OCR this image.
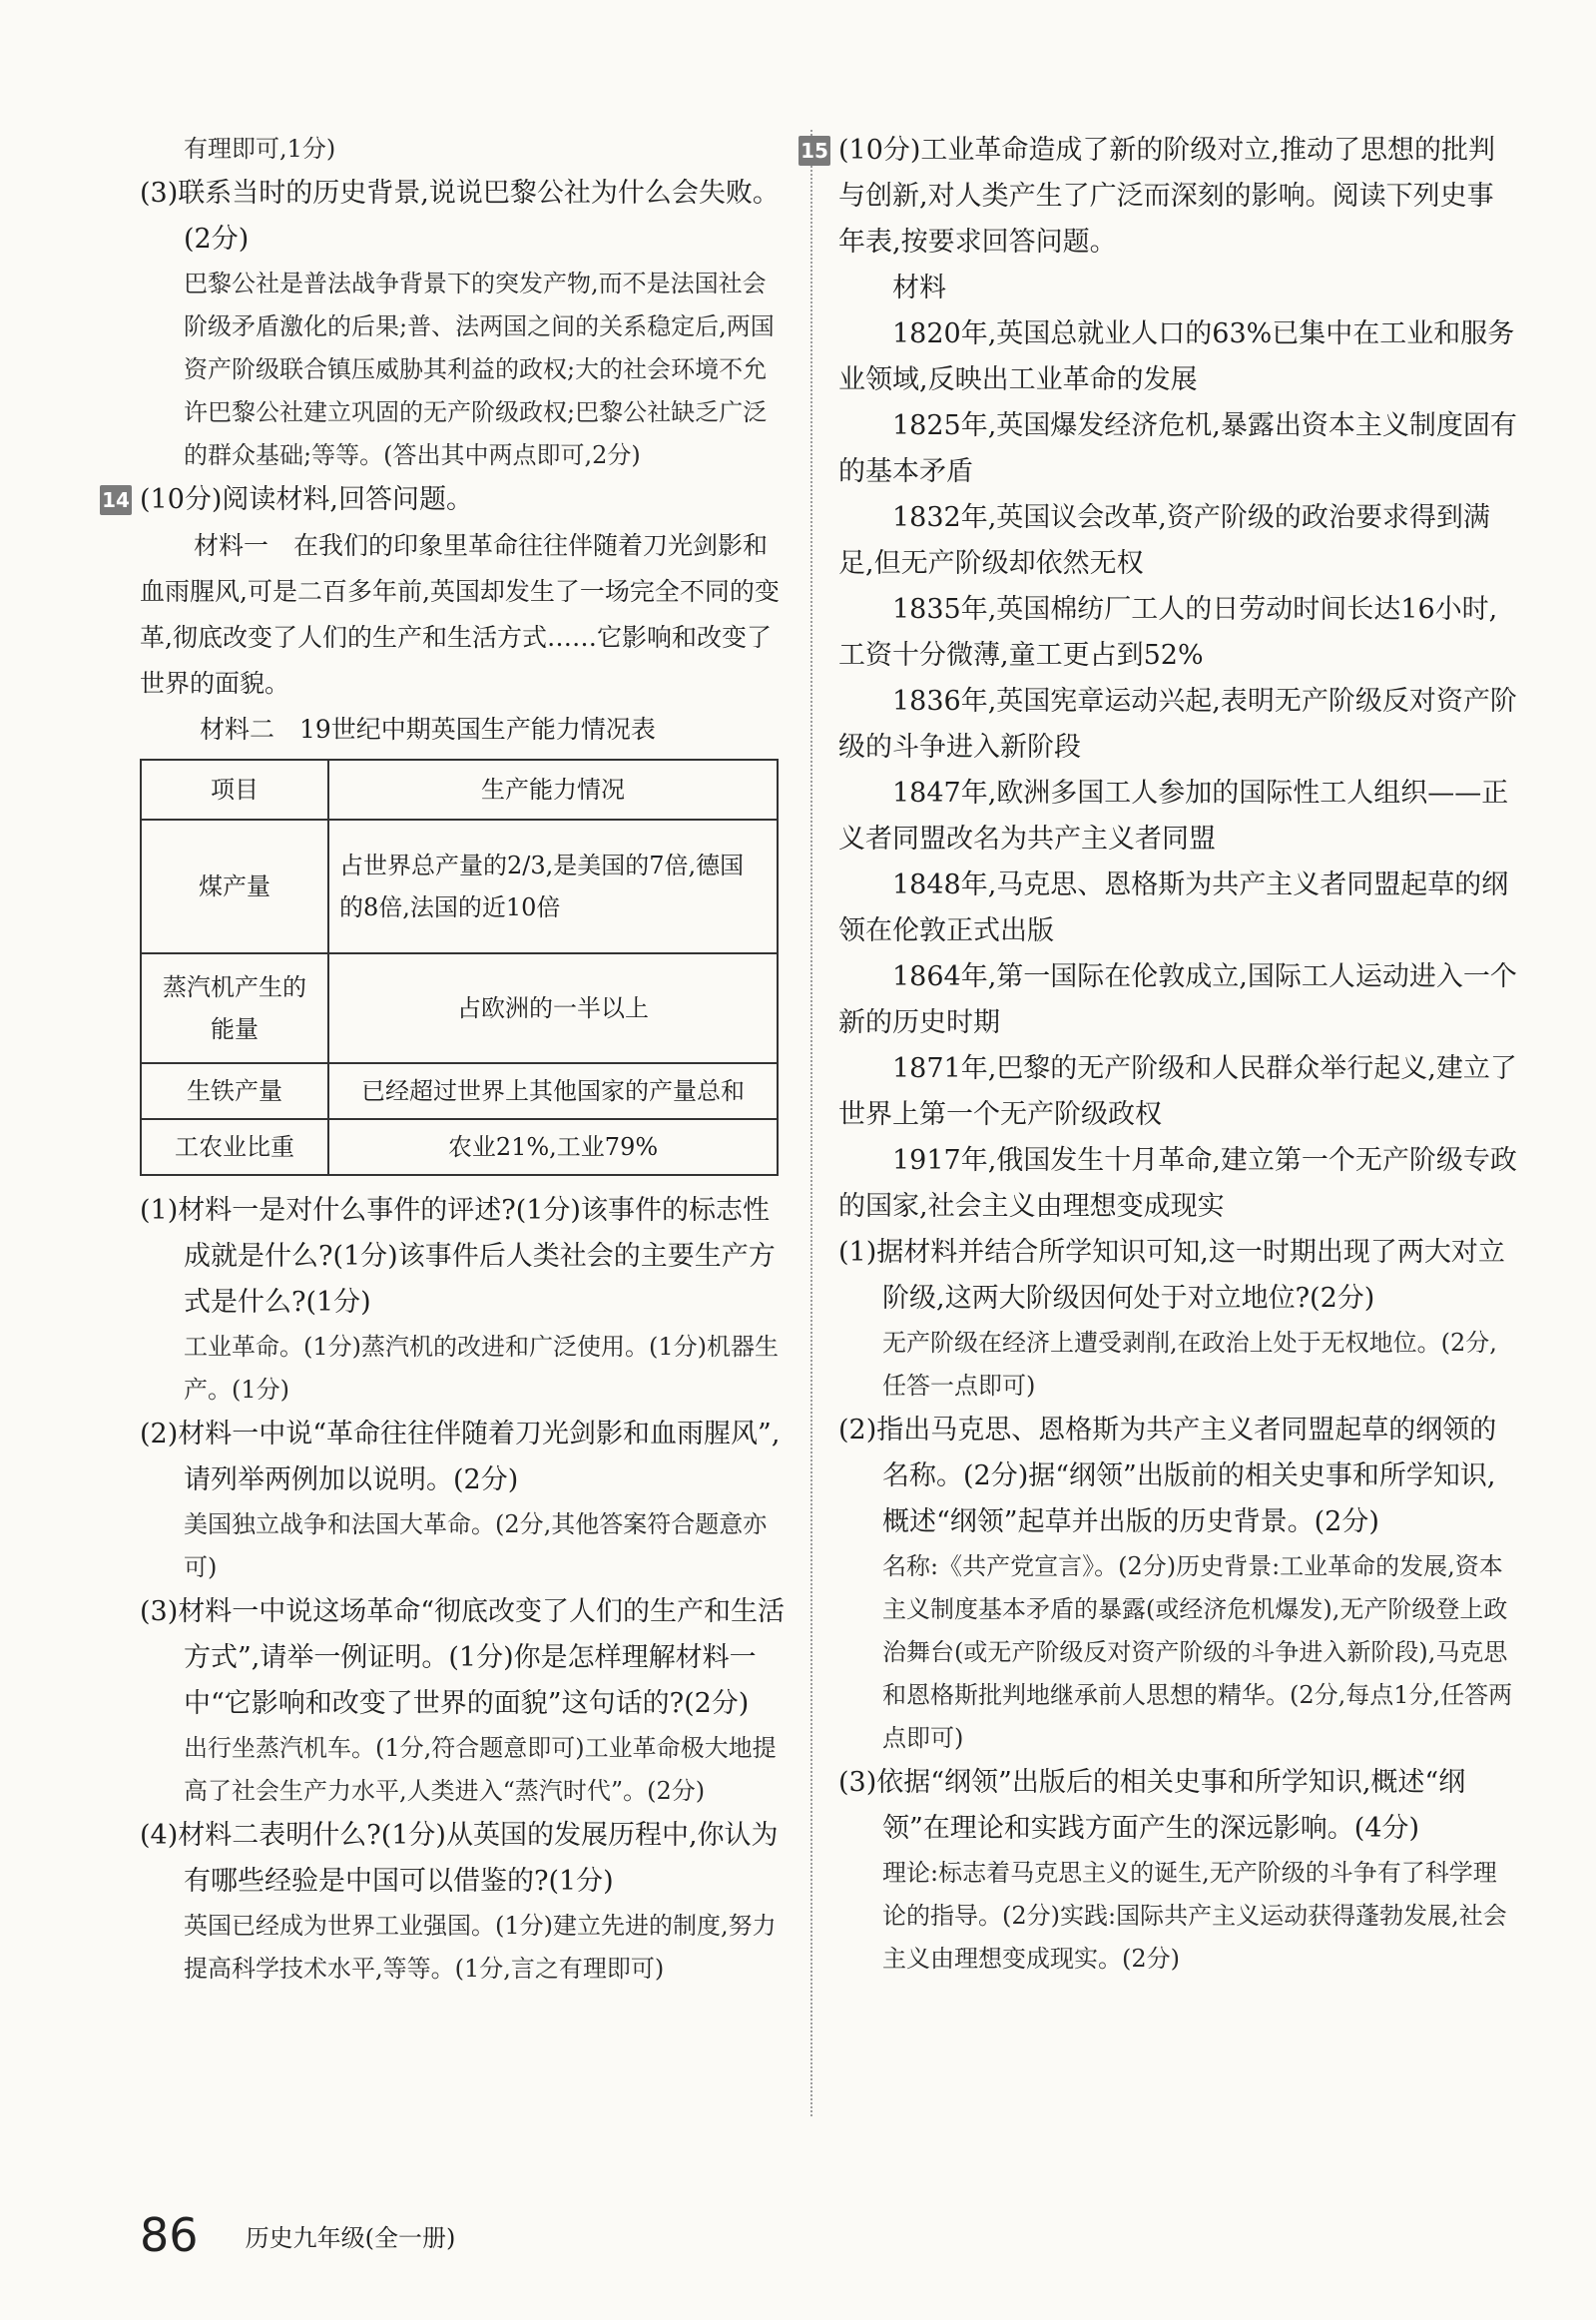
有理即可,1分)

(3)联系当时的历史背景,说说巴黎公社为什么会失败。(2分)

巴黎公社是普法战争背景下的突发产物,而不是法国社会阶级矛盾激化的后果;普、法两国之间的关系稳定后,两国资产阶级联合镇压威胁其利益的政权;大的社会环境不允许巴黎公社建立巩固的无产阶级政权;巴黎公社缺乏广泛的群众基础;等等。(答出其中两点即可,2分)

14 (10分)阅读材料,回答问题。

材料一　在我们的印象里革命往往伴随着刀光剑影和血雨腥风,可是二百多年前,英国却发生了一场完全不同的变革,彻底改变了人们的生产和生活方式……它影响和改变了世界的面貌。

材料二　19世纪中期英国生产能力情况表
项目	生产能力情况
煤产量	占世界总产量的2/3,是美国的7倍,德国的8倍,法国的近10倍
蒸汽机产生的能量	占欧洲的一半以上
生铁产量	已经超过世界上其他国家的产量总和
工农业比重	农业21%,工业79%

(1)材料一是对什么事件的评述?(1分)该事件的标志性成就是什么?(1分)该事件后人类社会的主要生产方式是什么?(1分)

工业革命。(1分)蒸汽机的改进和广泛使用。(1分)机器生产。(1分)

(2)材料一中说“革命往往伴随着刀光剑影和血雨腥风”,请列举两例加以说明。(2分)

美国独立战争和法国大革命。(2分,其他答案符合题意亦可)

(3)材料一中说这场革命“彻底改变了人们的生产和生活方式”,请举一例证明。(1分)你是怎样理解材料一中“它影响和改变了世界的面貌”这句话的?(2分)

出行坐蒸汽机车。(1分,符合题意即可)工业革命极大地提高了社会生产力水平,人类进入“蒸汽时代”。(2分)

(4)材料二表明什么?(1分)从英国的发展历程中,你认为有哪些经验是中国可以借鉴的?(1分)

英国已经成为世界工业强国。(1分)建立先进的制度,努力提高科学技术水平,等等。(1分,言之有理即可)

15 (10分)工业革命造成了新的阶级对立,推动了思想的批判与创新,对人类产生了广泛而深刻的影响。阅读下列史事年表,按要求回答问题。

材料

1820年,英国总就业人口的63%已集中在工业和服务业领域,反映出工业革命的发展

1825年,英国爆发经济危机,暴露出资本主义制度固有的基本矛盾

1832年,英国议会改革,资产阶级的政治要求得到满足,但无产阶级却依然无权

1835年,英国棉纺厂工人的日劳动时间长达16小时,工资十分微薄,童工更占到52%

1836年,英国宪章运动兴起,表明无产阶级反对资产阶级的斗争进入新阶段

1847年,欧洲多国工人参加的国际性工人组织——正义者同盟改名为共产主义者同盟

1848年,马克思、恩格斯为共产主义者同盟起草的纲领在伦敦正式出版

1864年,第一国际在伦敦成立,国际工人运动进入一个新的历史时期

1871年,巴黎的无产阶级和人民群众举行起义,建立了世界上第一个无产阶级政权

1917年,俄国发生十月革命,建立第一个无产阶级专政的国家,社会主义由理想变成现实

(1)据材料并结合所学知识可知,这一时期出现了两大对立阶级,这两大阶级因何处于对立地位?(2分)

无产阶级在经济上遭受剥削,在政治上处于无权地位。(2分,任答一点即可)

(2)指出马克思、恩格斯为共产主义者同盟起草的纲领的名称。(2分)据“纲领”出版前的相关史事和所学知识,概述“纲领”起草并出版的历史背景。(2分)

名称:《共产党宣言》。(2分)历史背景:工业革命的发展,资本主义制度基本矛盾的暴露(或经济危机爆发),无产阶级登上政治舞台(或无产阶级反对资产阶级的斗争进入新阶段),马克思和恩格斯批判地继承前人思想的精华。(2分,每点1分,任答两点即可)

(3)依据“纲领”出版后的相关史事和所学知识,概述“纲领”在理论和实践方面产生的深远影响。(4分)

理论:标志着马克思主义的诞生,无产阶级的斗争有了科学理论的指导。(2分)实践:国际共产主义运动获得蓬勃发展,社会主义由理想变成现实。(2分)

86 历史九年级(全一册)
